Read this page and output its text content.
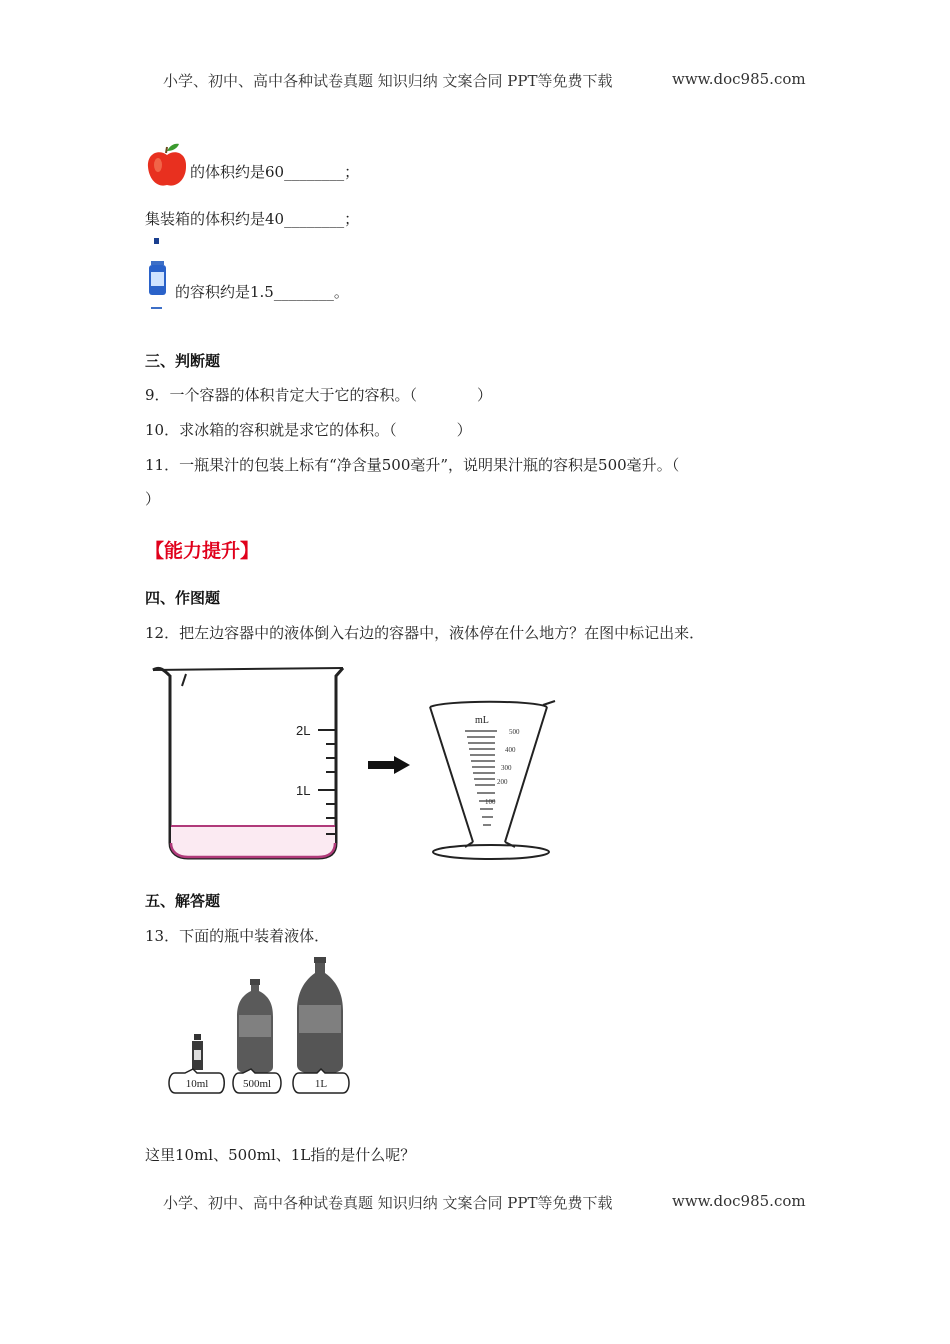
小学、初中、高中各种试卷真题 知识归纳 文案合同 PPT等免费下载	www.doc985.com
的体积约是60________；
集装箱的体积约是40________；
的容积约是1.5________。
三、判断题
9．一个容器的体积肯定大于它的容积。（　　　　）
10．求冰箱的容积就是求它的体积。（　　　　）
11．一瓶果汁的包装上标有“净含量500毫升”，说明果汁瓶的容积是500毫升。（
）
【能力提升】
四、作图题
12．把左边容器中的液体倒入右边的容器中，液体停在什么地方？在图中标记出来．
2L
1L
mL
500
400
300
200
100
五、解答题
13．下面的瓶中装着液体．
10ml	500ml	1L
这里10ml、500ml、1L指的是什么呢？
小学、初中、高中各种试卷真题 知识归纳 文案合同 PPT等免费下载	www.doc985.com
